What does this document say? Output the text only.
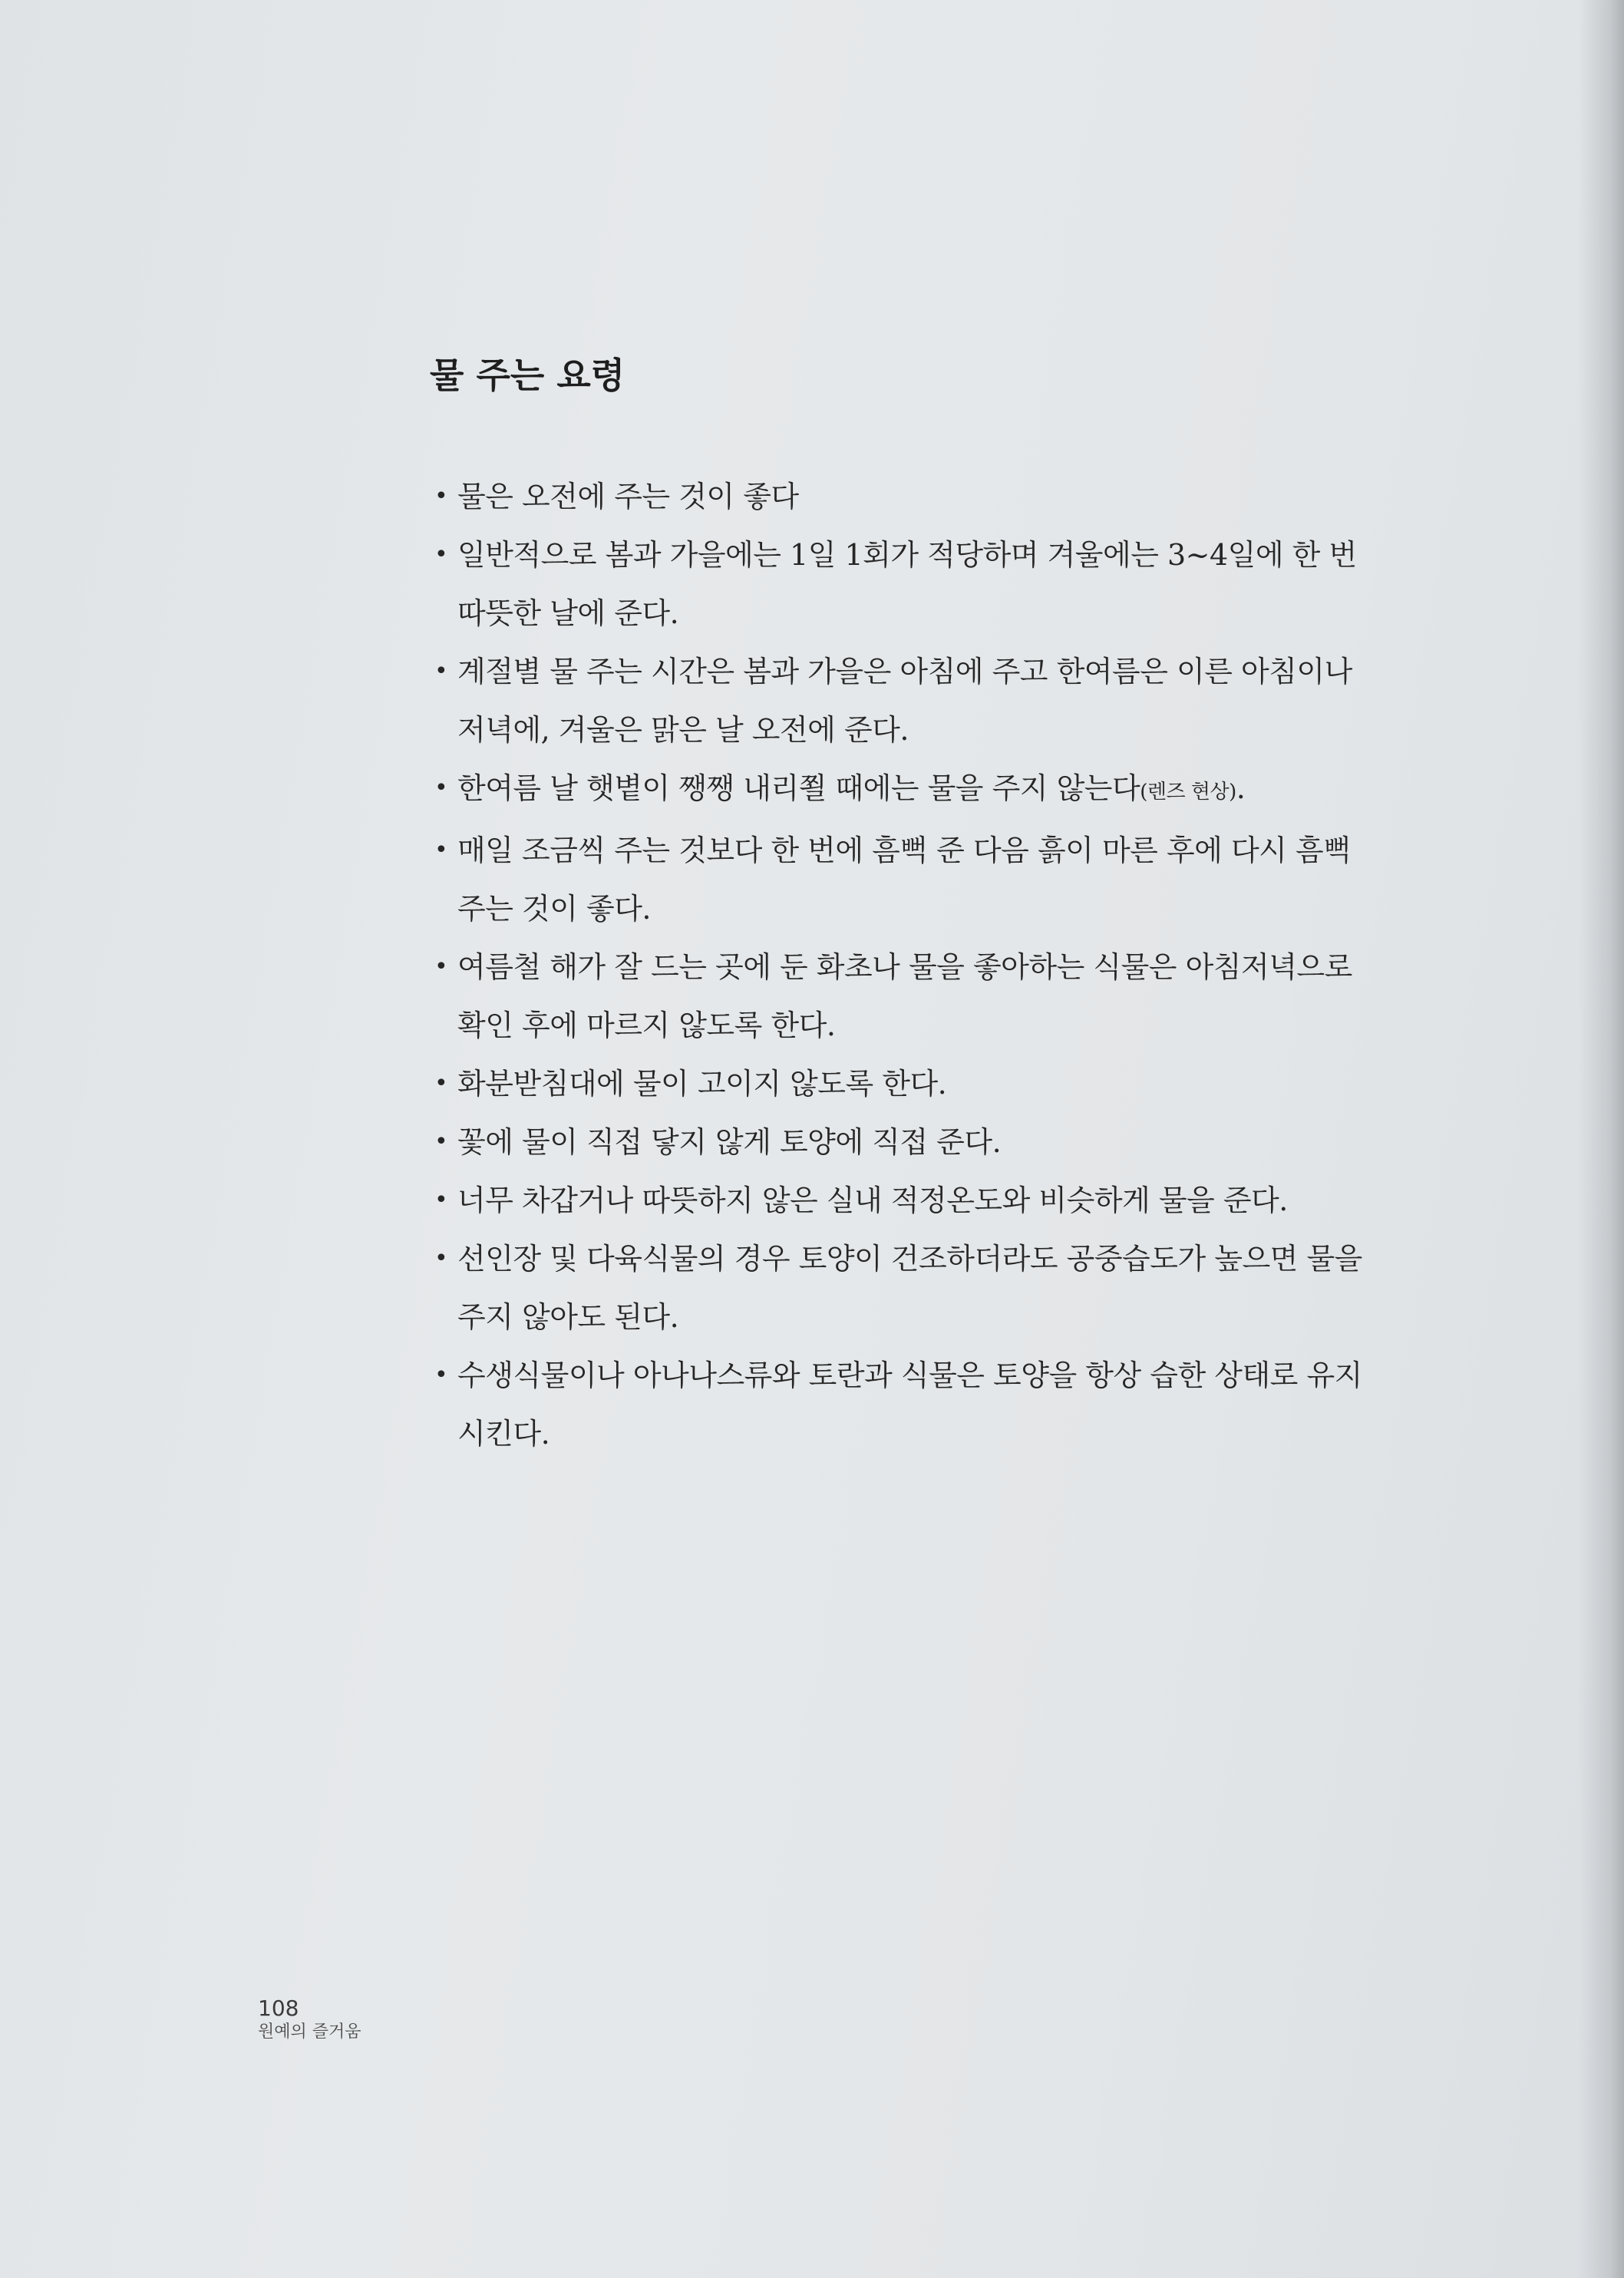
물 주는 요령
• 물은 오전에 주는 것이 좋다
• 일반적으로 봄과 가을에는 1일 1회가 적당하며 겨울에는 3~4일에 한 번 따뜻한 날에 준다.
• 계절별 물 주는 시간은 봄과 가을은 아침에 주고 한여름은 이른 아침이나 저녁에, 겨울은 맑은 날 오전에 준다.
• 한여름 날 햇볕이 쨍쨍 내리쬘 때에는 물을 주지 않는다(렌즈 현상).
• 매일 조금씩 주는 것보다 한 번에 흠뻑 준 다음 흙이 마른 후에 다시 흠뻑 주는 것이 좋다.
• 여름철 해가 잘 드는 곳에 둔 화초나 물을 좋아하는 식물은 아침저녁으로 확인 후에 마르지 않도록 한다.
• 화분받침대에 물이 고이지 않도록 한다.
• 꽃에 물이 직접 닿지 않게 토양에 직접 준다.
• 너무 차갑거나 따뜻하지 않은 실내 적정온도와 비슷하게 물을 준다.
• 선인장 및 다육식물의 경우 토양이 건조하더라도 공중습도가 높으면 물을 주지 않아도 된다.
• 수생식물이나 아나나스류와 토란과 식물은 토양을 항상 습한 상태로 유지시킨다.
108
원예의 즐거움
